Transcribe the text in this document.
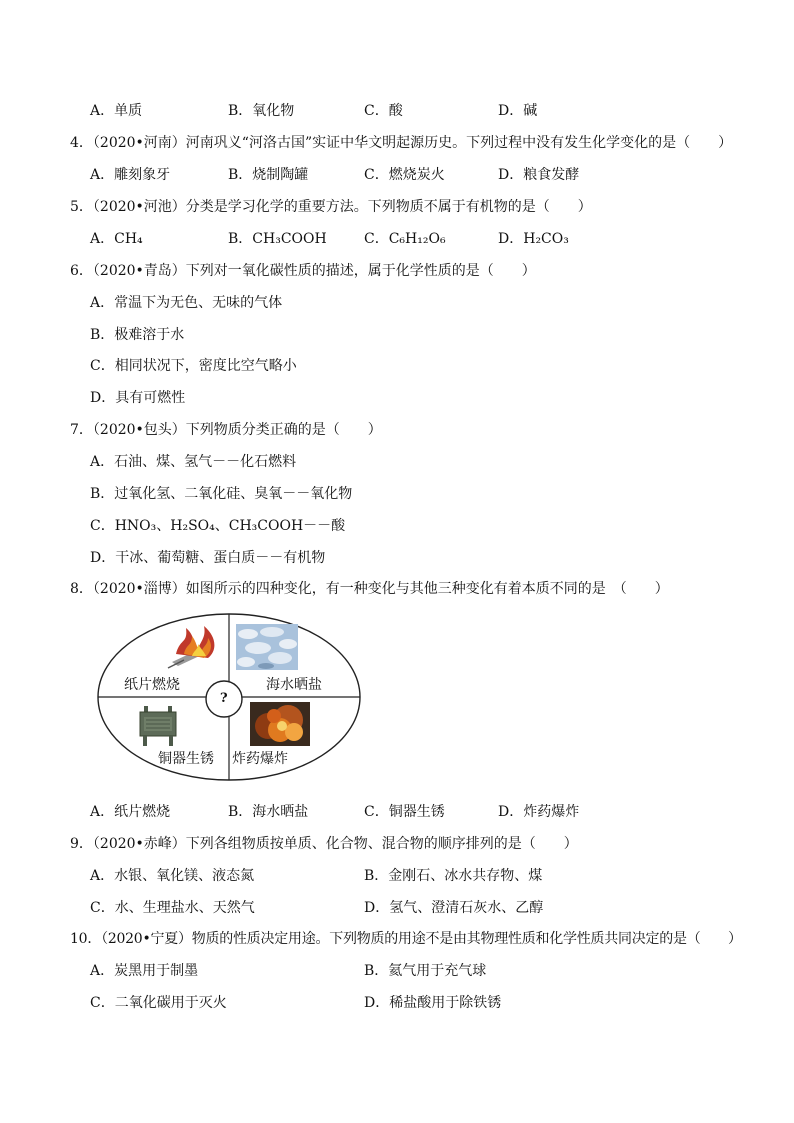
A．单质	B．氧化物	C．酸	D．碱
4．（2020•河南）河南巩义“河洛古国”实证中华文明起源历史。下列过程中没有发生化学变化的是（　　）
A．雕刻象牙	B．烧制陶罐	C．燃烧炭火	D．粮食发酵
5．（2020•河池）分类是学习化学的重要方法。下列物质不属于有机物的是（　　）
A．CH₄	B．CH₃COOH	C．C₆H₁₂O₆	D．H₂CO₃
6．（2020•青岛）下列对一氧化碳性质的描述，属于化学性质的是（　　）
A．常温下为无色、无味的气体
B．极难溶于水
C．相同状况下，密度比空气略小
D．具有可燃性
7．（2020•包头）下列物质分类正确的是（　　）
A．石油、煤、氢气－－化石燃料
B．过氧化氢、二氧化硅、臭氧－－氧化物
C．HNO₃、H₂SO₄、CH₃COOH－－酸
D．干冰、葡萄糖、蛋白质－－有机物
8．（2020•淄博）如图所示的四种变化，有一种变化与其他三种变化有着本质不同的是　（　　）
纸片燃烧	海水晒盐
铜器生锈 炸药爆炸
?
A．纸片燃烧	B．海水晒盐	C．铜器生锈	D．炸药爆炸
9．（2020•赤峰）下列各组物质按单质、化合物、混合物的顺序排列的是（　　）
A．水银、氧化镁、液态氮	B．金刚石、冰水共存物、煤
C．水、生理盐水、天然气	D．氢气、澄清石灰水、乙醇
10．（2020•宁夏）物质的性质决定用途。下列物质的用途不是由其物理性质和化学性质共同决定的是（　　）
A．炭黑用于制墨	B．氦气用于充气球
C．二氧化碳用于灭火	D．稀盐酸用于除铁锈
